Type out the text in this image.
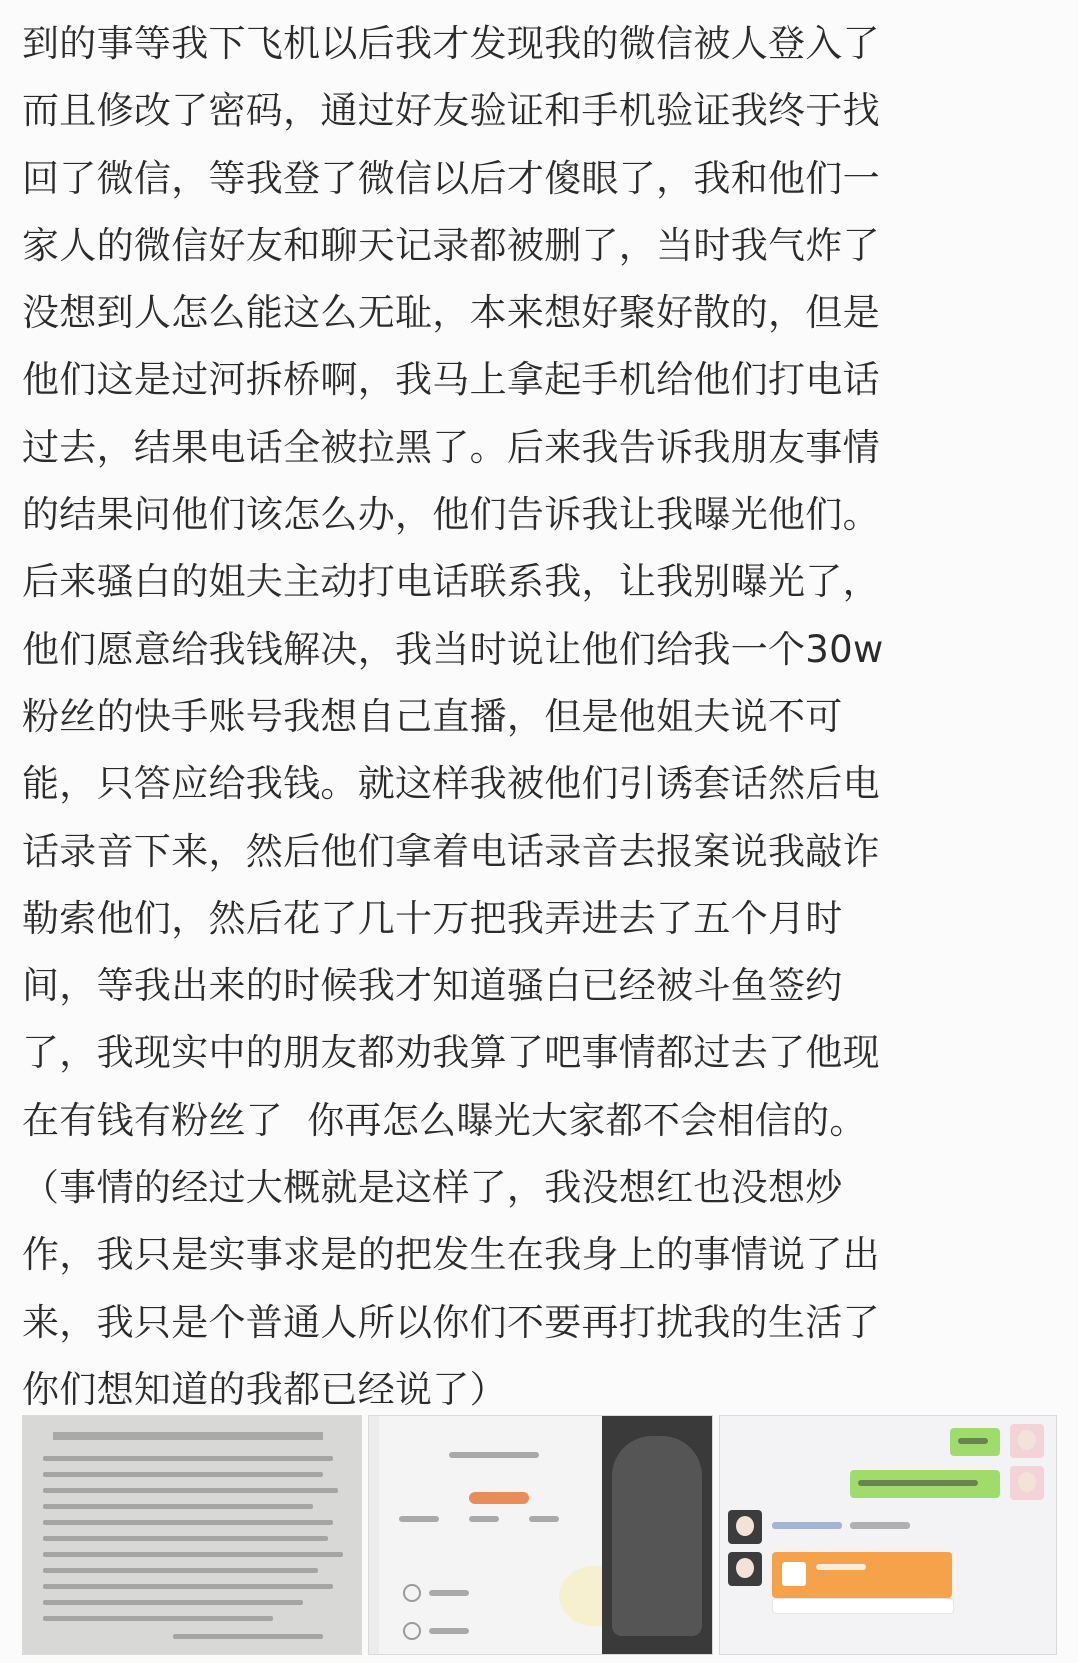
到的事等我下飞机以后我才发现我的微信被人登入了
而且修改了密码，通过好友验证和手机验证我终于找
回了微信，等我登了微信以后才傻眼了，我和他们一
家人的微信好友和聊天记录都被删了，当时我气炸了
没想到人怎么能这么无耻，本来想好聚好散的，但是
他们这是过河拆桥啊，我马上拿起手机给他们打电话
过去，结果电话全被拉黑了。后来我告诉我朋友事情
的结果问他们该怎么办，他们告诉我让我曝光他们。
后来骚白的姐夫主动打电话联系我，让我别曝光了，
他们愿意给我钱解决，我当时说让他们给我一个30w
粉丝的快手账号我想自己直播，但是他姐夫说不可
能，只答应给我钱。就这样我被他们引诱套话然后电
话录音下来，然后他们拿着电话录音去报案说我敲诈
勒索他们，然后花了几十万把我弄进去了五个月时
间，等我出来的时候我才知道骚白已经被斗鱼签约
了，我现实中的朋友都劝我算了吧事情都过去了他现
在有钱有粉丝了  你再怎么曝光大家都不会相信的。
（事情的经过大概就是这样了，我没想红也没想炒
作，我只是实事求是的把发生在我身上的事情说了出
来，我只是个普通人所以你们不要再打扰我的生活了
你们想知道的我都已经说了）
